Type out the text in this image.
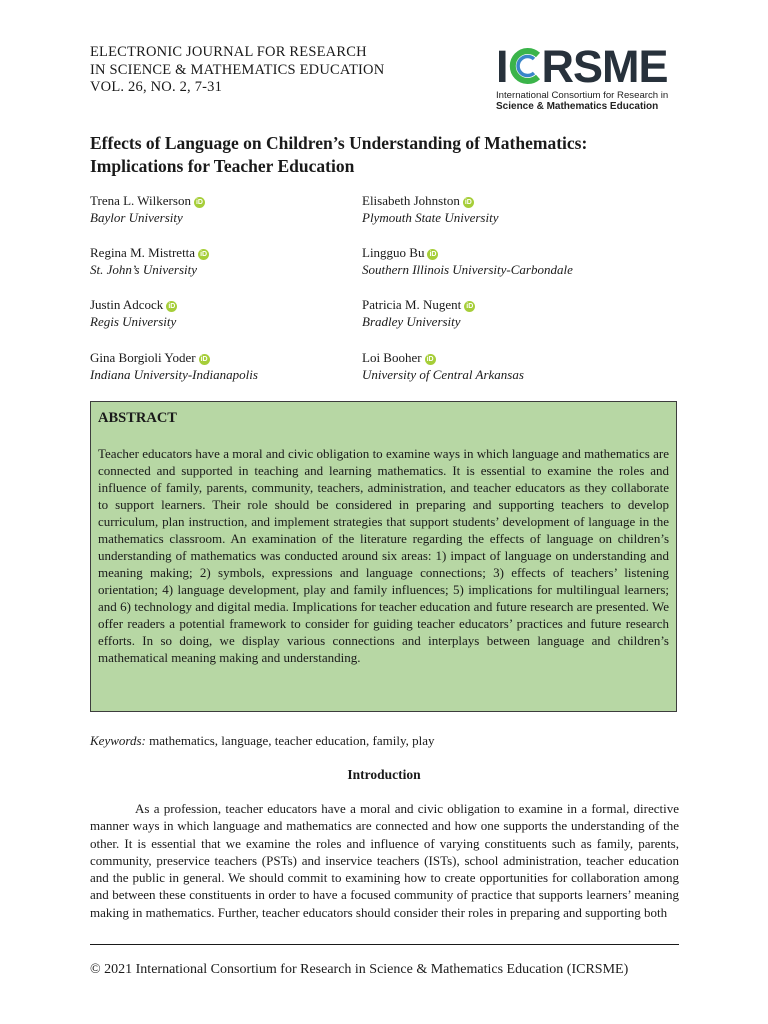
ELECTRONIC JOURNAL FOR RESEARCH
IN SCIENCE & MATHEMATICS EDUCATION
VOL. 26, NO. 2, 7-31	I RSME
International Consortium for Research in
Science & Mathematics Education
Effects of Language on Children’s Understanding of Mathematics:
Implications for Teacher Education
Trena L. Wilkerson iD
Baylor University
Elisabeth Johnston iD
Plymouth State University
Regina M. Mistretta iD
St. John’s University
Lingguo Bu iD
Southern Illinois University-Carbondale
Justin Adcock iD
Regis University
Patricia M. Nugent iD
Bradley University
Gina Borgioli Yoder iD
Indiana University-Indianapolis
Loi Booher iD
University of Central Arkansas
ABSTRACT

Teacher educators have a moral and civic obligation to examine ways in which language and mathematics are connected and supported in teaching and learning mathematics. It is essential to examine the roles and influence of family, parents, community, teachers, administration, and teacher educators as they collaborate to support learners. Their role should be considered in preparing and supporting teachers to develop curriculum, plan instruction, and implement strategies that support students’ development of language in the mathematics classroom. An examination of the literature regarding the effects of language on children’s understanding of mathematics was conducted around six areas: 1) impact of language on understanding and meaning making; 2) symbols, expressions and language connections; 3) effects of teachers’ listening orientation; 4) language development, play and family influences; 5) implications for multilingual learners; and 6) technology and digital media. Implications for teacher education and future research are presented. We offer readers a potential framework to consider for guiding teacher educators’ practices and future research efforts. In so doing, we display various connections and interplays between language and children’s mathematical meaning making and understanding.

Keywords: mathematics, language, teacher education, family, play
Introduction

As a profession, teacher educators have a moral and civic obligation to examine in a formal, directive manner ways in which language and mathematics are connected and how one supports the understanding of the other. It is essential that we examine the roles and influence of varying constituents such as family, parents, community, preservice teachers (PSTs) and inservice teachers (ISTs), school administration, teacher education and the public in general. We should commit to examining how to create opportunities for collaboration among and between these constituents in order to have a focused community of practice that supports learners’ meaning making in mathematics. Further, teacher educators should consider their roles in preparing and supporting both

© 2021 International Consortium for Research in Science & Mathematics Education (ICRSME)
